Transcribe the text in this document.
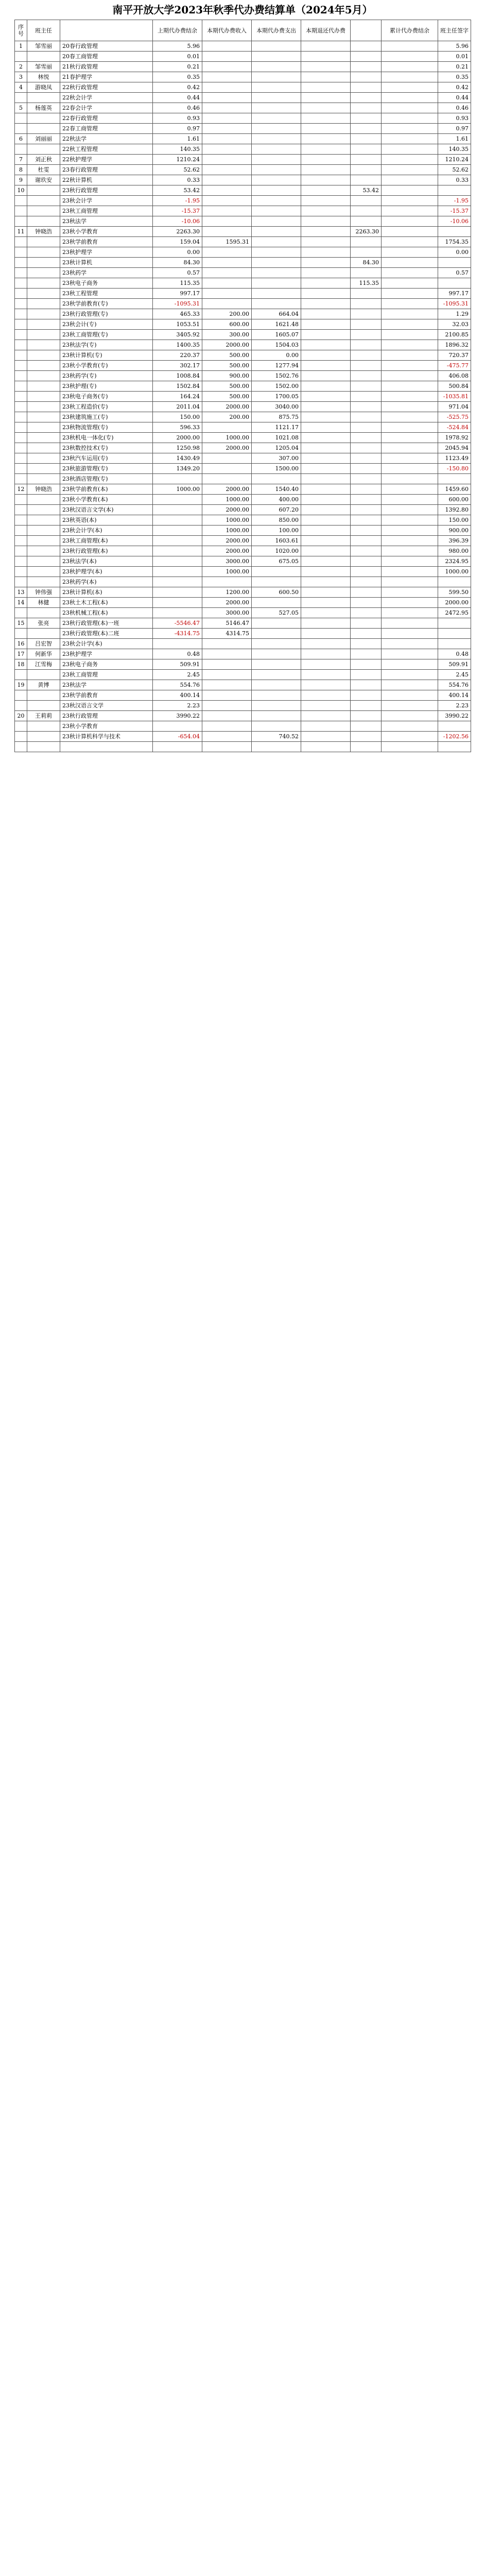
南平开放大学2023年秋季代办费结算单（2024年5月）
序号	班主任		上期代办费结余	本期代办费收入	本期代办费支出	本期退还代办费		累计代办费结余	班主任签字
1	邹雪丽	20春行政管理	5.96						5.96
		20春工商管理	0.01						0.01
2	邹雪丽	21秋行政管理	0.21						0.21
3	林悦	21春护理学	0.35						0.35
4	游晓凤	22秋行政管理	0.42						0.42
		22秋会计学	0.44						0.44
5	杨莲英	22春会计学	0.46						0.46
		22春行政管理	0.93						0.93
		22春工商管理	0.97						0.97
6	刘丽丽	22秋法学	1.61						1.61
		22秋工程管理	140.35						140.35
7	刘正秋	22秋护理学	1210.24						1210.24
8	杜雯	23春行政管理	52.62						52.62
9	谢玖安	22秋计算机	0.33						0.33
10		23秋行政管理	53.42				53.42		
		23秋会计学	-1.95						-1.95
		23秋工商管理	-15.37						-15.37
		23秋法学	-10.06						-10.06
11	钟晓浩	23秋小学教育	2263.30				2263.30		
		23秋学前教育	159.04	1595.31					1754.35
		23秋护理学	0.00						0.00
		23秋计算机	84.30				84.30		
		23秋药学	0.57						0.57
		23秋电子商务	115.35				115.35		
		23秋工程管理	997.17						997.17
		23秋学前教育(专)	-1095.31						-1095.31
		23秋行政管理(专)	465.33	200.00	664.04				1.29
		23秋会计(专)	1053.51	600.00	1621.48				32.03
		23秋工商管理(专)	3405.92	300.00	1605.07				2100.85
		23秋法学(专)	1400.35	2000.00	1504.03				1896.32
		23秋计算机(专)	220.37	500.00	0.00				720.37
		23秋小学教育(专)	302.17	500.00	1277.94				-475.77
		23秋药学(专)	1008.84	900.00	1502.76				406.08
		23秋护理(专)	1502.84	500.00	1502.00				500.84
		23秋电子商务(专)	164.24	500.00	1700.05				-1035.81
		23秋工程造价(专)	2011.04	2000.00	3040.00				971.04
		23秋建筑施工(专)	150.00	200.00	875.75				-525.75
		23秋物流管理(专)	596.33		1121.17				-524.84
		23秋机电一体化(专)	2000.00	1000.00	1021.08				1978.92
		23秋数控技术(专)	1250.98	2000.00	1205.04				2045.94
		23秋汽车运用(专)	1430.49		307.00				1123.49
		23秋旅游管理(专)	1349.20		1500.00				-150.80
		23秋酒店管理(专)							
12	钟晓浩	23秋学前教育(本)	1000.00	2000.00	1540.40				1459.60
		23秋小学教育(本)		1000.00	400.00				600.00
		23秋汉语言文学(本)		2000.00	607.20				1392.80
		23秋英语(本)		1000.00	850.00				150.00
		23秋会计学(本)		1000.00	100.00				900.00
		23秋工商管理(本)		2000.00	1603.61				396.39
		23秋行政管理(本)		2000.00	1020.00				980.00
		23秋法学(本)		3000.00	675.05				2324.95
		23秋护理学(本)		1000.00					1000.00
		23秋药学(本)							
13	钟伟强	23秋计算机(本)		1200.00	600.50				599.50
14	林健	23秋土木工程(本)		2000.00					2000.00
		23秋机械工程(本)		3000.00	527.05				2472.95
15	张亮	23秋行政管理(本)一班	-5546.47	5146.47					
		23秋行政管理(本)二班	-4314.75	4314.75					
16	吕宏智	23秋会计学(本)							
17	何新华	23秋护理学	0.48						0.48
18	江雪梅	23秋电子商务	509.91						509.91
		23秋工商管理	2.45						2.45
19	黄博	23秋法学	554.76						554.76
		23秋学前教育	400.14						400.14
		23秋汉语言文学	2.23						2.23
20	王莉莉	23秋行政管理	3990.22						3990.22
		23秋小学教育							
		23秋计算机科学与技术	-654.04		740.52				-1202.56
